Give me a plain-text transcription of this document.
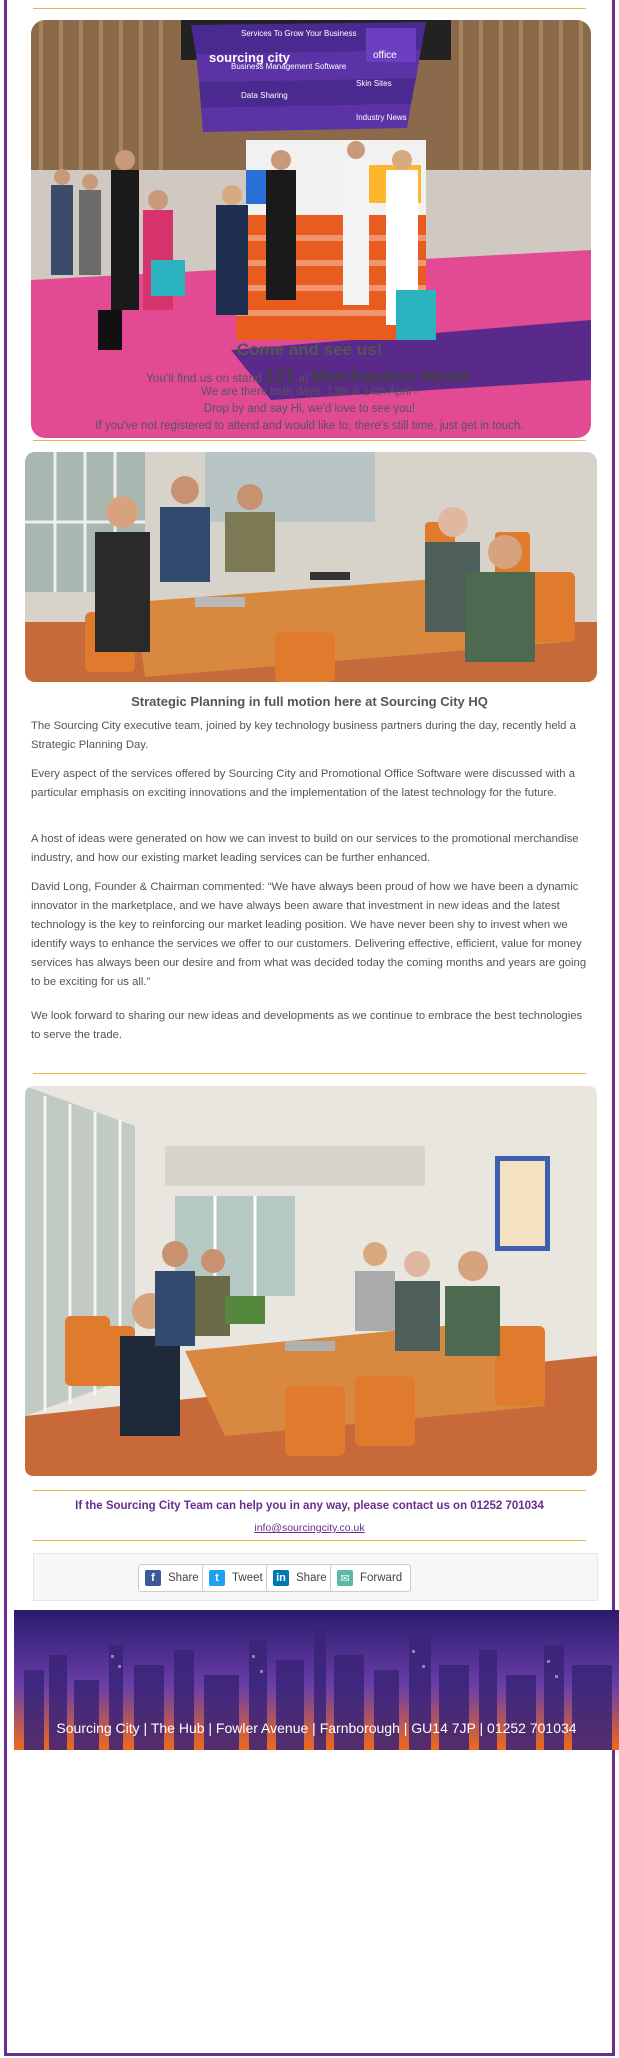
sourcing city
Services To Grow Your Business
Business Management Software
Skin Sites
Data Sharing
Industry News
office
Come and see us!
You'll find us on stand 121 at Merchandise World.
We are there both days, 13th & 14th April -
Drop by and say Hi, we'd love to see you!
If you've not registered to attend and would like to, there's still time, just get in touch.
Strategic Planning in full motion here at Sourcing City HQ

The Sourcing City executive team, joined by key technology business partners during the day, recently held a Strategic Planning Day.

Every aspect of the services offered by Sourcing City and Promotional Office Software were discussed with a particular emphasis on exciting innovations and the implementation of the latest technology for the future.

A host of ideas were generated on how we can invest to build on our services to the promotional merchandise industry, and how our existing market leading services can be further enhanced.

David Long, Founder & Chairman commented: “We have always been proud of how we have been a dynamic innovator in the marketplace, and we have always been aware that investment in new ideas and the latest technology is the key to reinforcing our market leading position. We have never been shy to invest when we identify ways to enhance the services we offer to our customers. Delivering effective, efficient, value for money services has always been our desire and from what was decided today the coming months and years are going to be exciting for us all.”

We look forward to sharing our new ideas and developments as we continue to embrace the best technologies to serve the trade.

If the Sourcing City Team can help you in any way, please contact us on 01252 701034
info@sourcingcity.co.uk
f	Share	t	Tweet in Share	✉ Forward
Sourcing City | The Hub | Fowler Avenue | Farnborough | GU14 7JP | 01252 701034
